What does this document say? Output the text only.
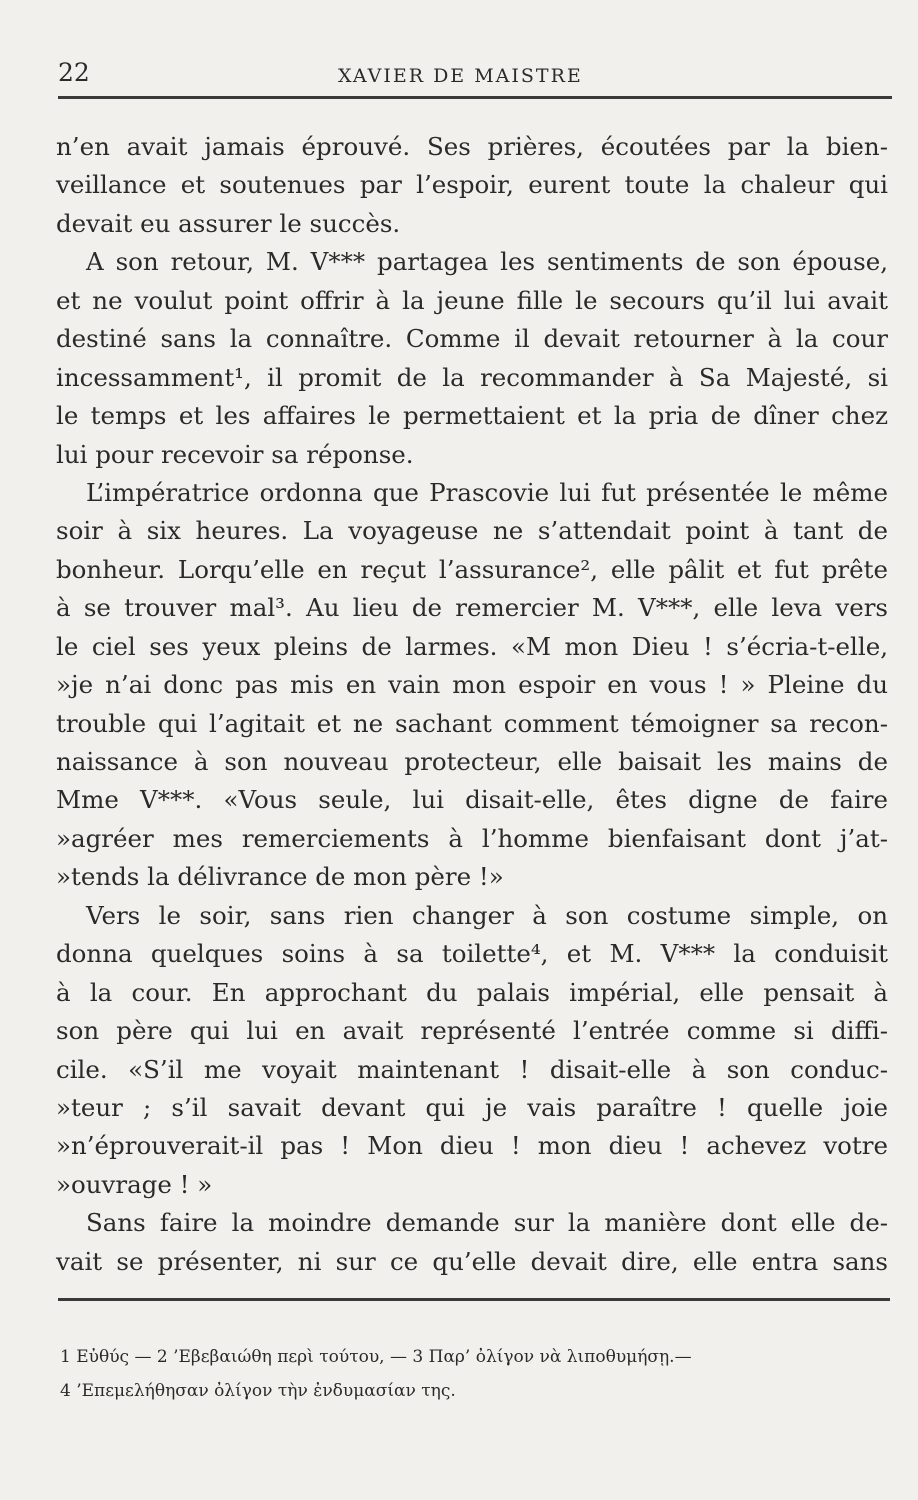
22	XAVIER DE MAISTRE
n’en avait jamais éprouvé. Ses prières, écoutées par la bien-
veillance et soutenues par l’espoir, eurent toute la chaleur qui
devait eu assurer le succès.
A son retour, M. V*** partagea les sentiments de son épouse,
et ne voulut point offrir à la jeune fille le secours qu’il lui avait
destiné sans la connaître. Comme il devait retourner à la cour
incessamment¹, il promit de la recommander à Sa Majesté, si
le temps et les affaires le permettaient et la pria de dîner chez
lui pour recevoir sa réponse.
L’impératrice ordonna que Prascovie lui fut présentée le même
soir à six heures. La voyageuse ne s’attendait point à tant de
bonheur. Lorqu’elle en reçut l’assurance², elle pâlit et fut prête
à se trouver mal³. Au lieu de remercier M. V***, elle leva vers
le ciel ses yeux pleins de larmes. «M mon Dieu ! s’écria-t-elle,
»je n’ai donc pas mis en vain mon espoir en vous ! » Pleine du
trouble qui l’agitait et ne sachant comment témoigner sa recon-
naissance à son nouveau protecteur, elle baisait les mains de
Mme V***. «Vous seule, lui disait-elle, êtes digne de faire
»agréer mes remerciements à l’homme bienfaisant dont j’at-
»tends la délivrance de mon père !»
Vers le soir, sans rien changer à son costume simple, on
donna quelques soins à sa toilette⁴, et M. V*** la conduisit
à la cour. En approchant du palais impérial, elle pensait à
son père qui lui en avait représenté l’entrée comme si diffi-
cile. «S’il me voyait maintenant ! disait-elle à son conduc-
»teur ; s’il savait devant qui je vais paraître ! quelle joie
»n’éprouverait-il pas ! Mon dieu ! mon dieu ! achevez votre
»ouvrage ! »
Sans faire la moindre demande sur la manière dont elle de-
vait se présenter, ni sur ce qu’elle devait dire, elle entra sans
1 Εὐθύς — 2 ’Εβεβαιώθη περὶ τούτου, — 3 Παρ’ ὀλίγον νὰ λιποθυμήσῃ.—
4 ’Επεμελήθησαν ὀλίγον τὴν ἐνδυμασίαν της.
